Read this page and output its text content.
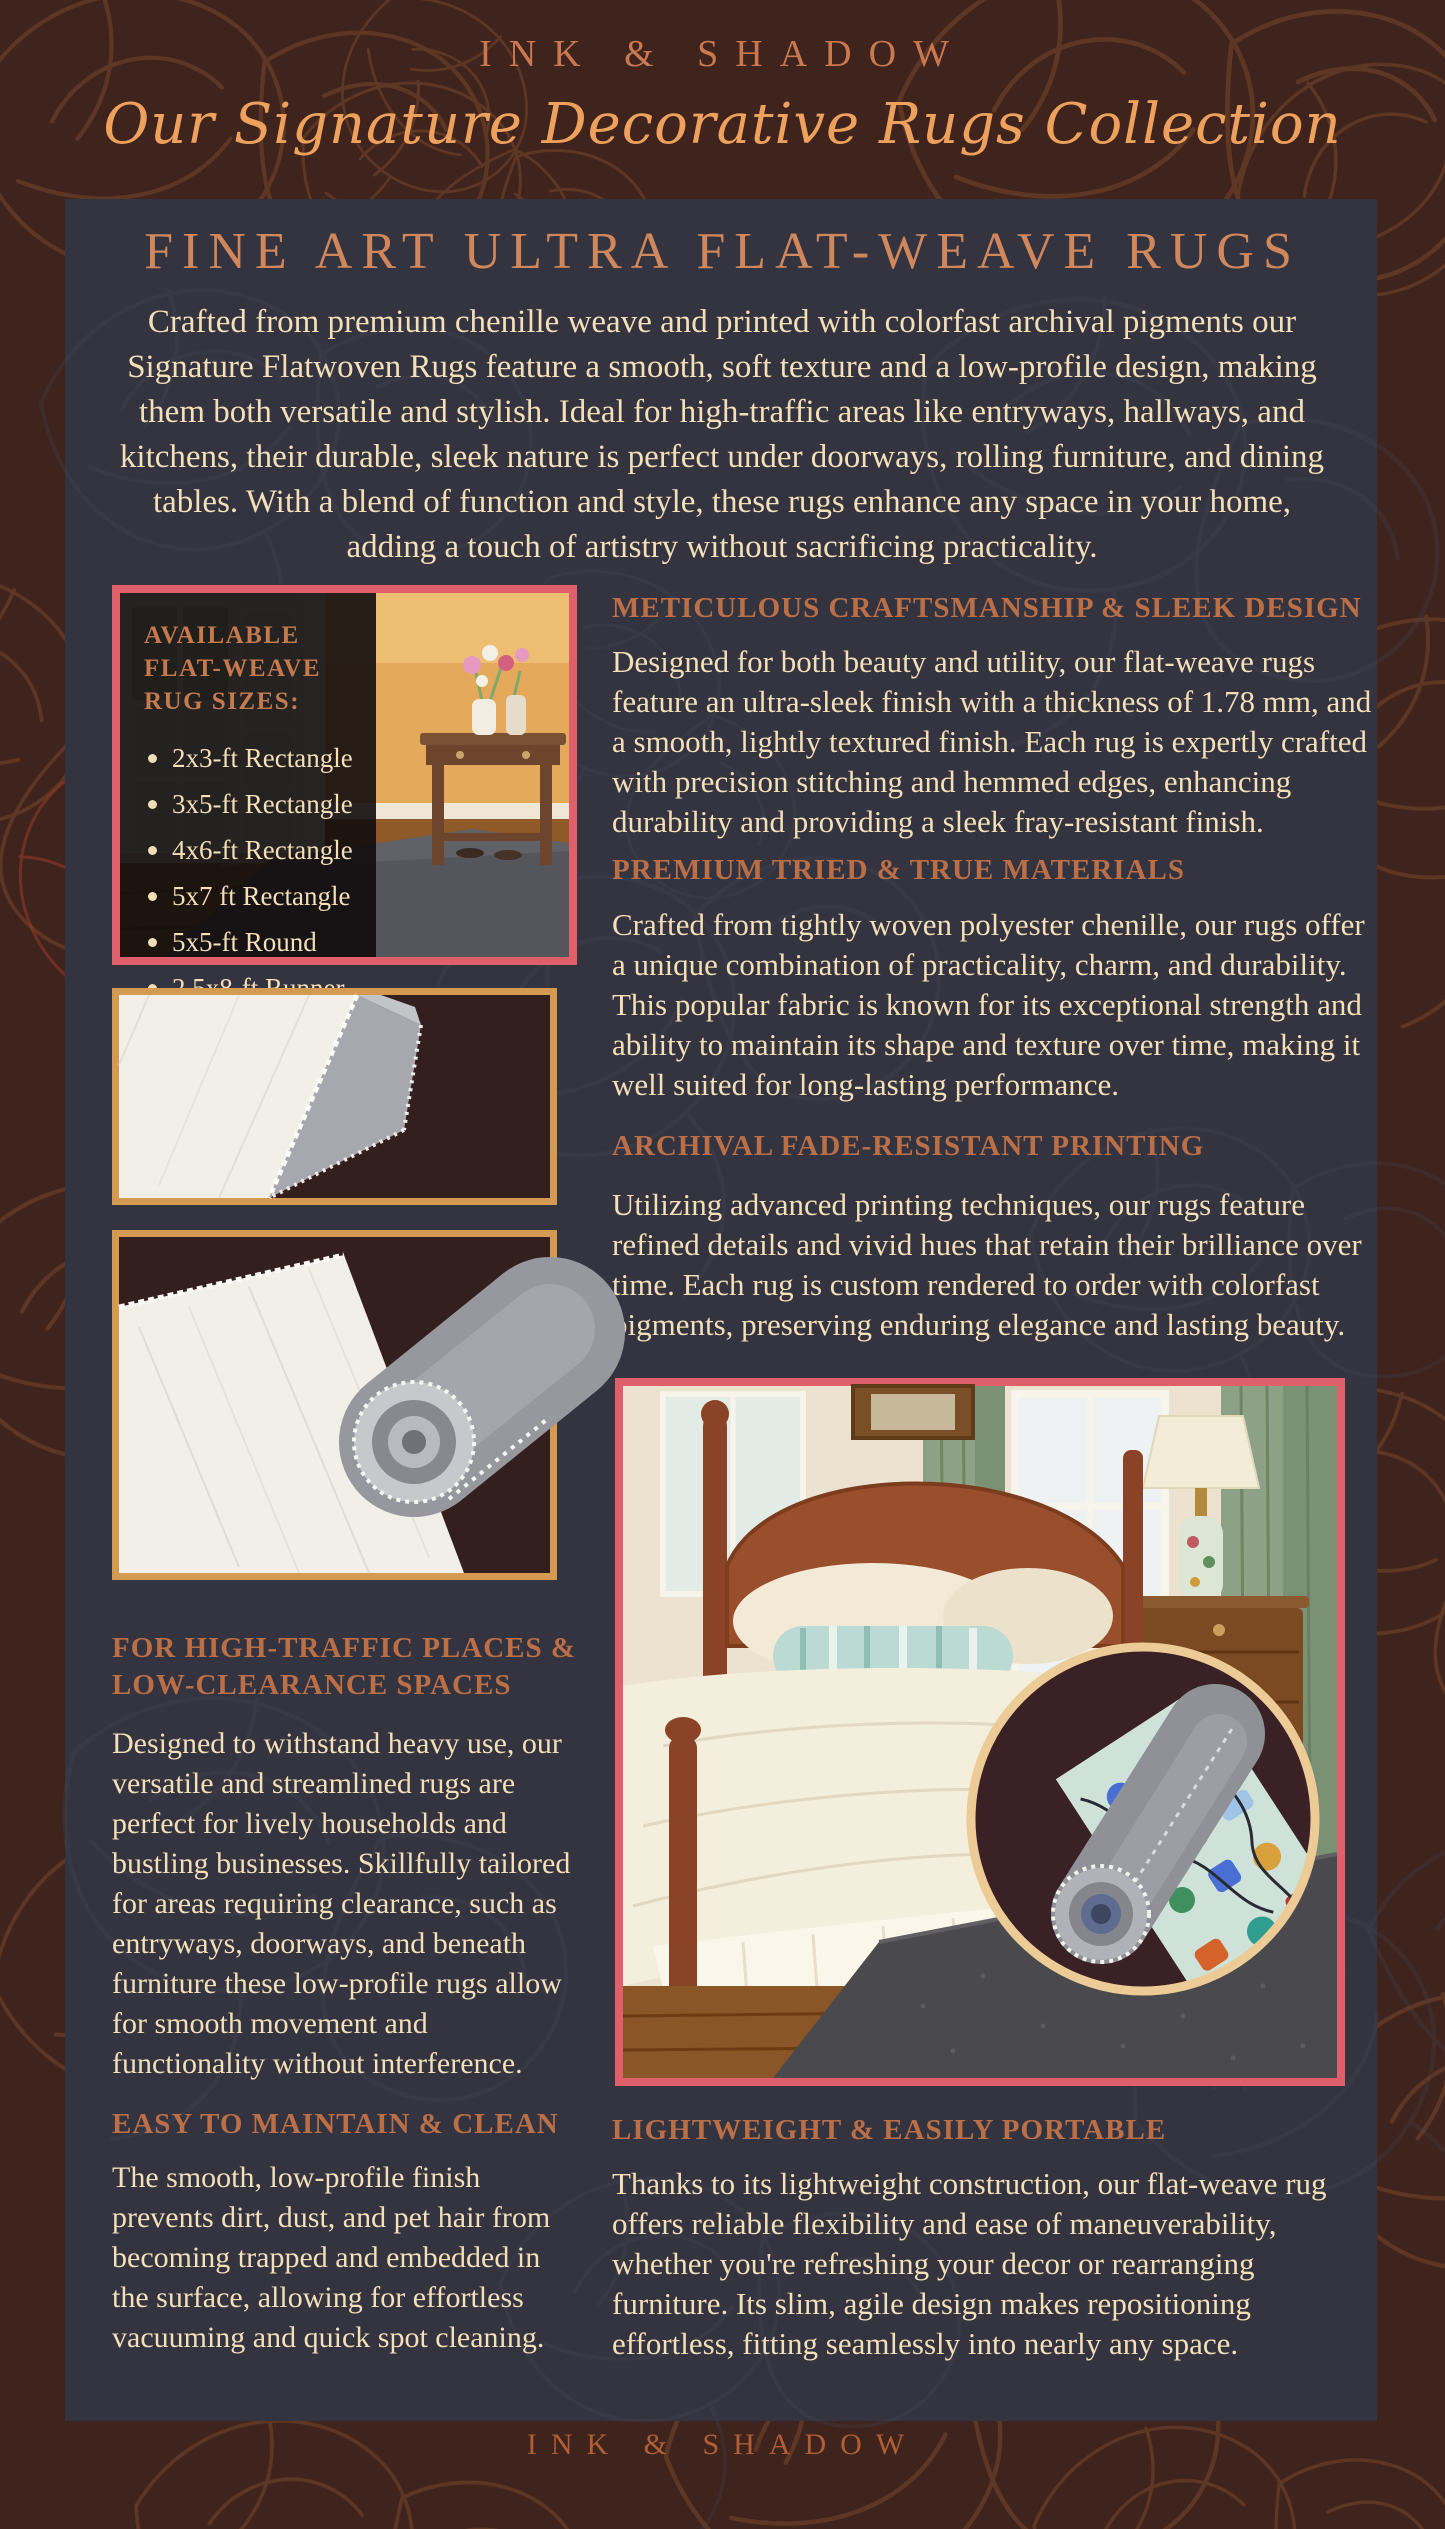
INK & SHADOW
Our Signature Decorative Rugs Collection
FINE ART ULTRA FLAT-WEAVE RUGS

Crafted from premium chenille weave and printed with colorfast archival pigments our Signature Flatwoven Rugs feature a smooth, soft texture and a low-profile design, making them both versatile and stylish. Ideal for high-traffic areas like entryways, hallways, and kitchens, their durable, sleek nature is perfect under doorways, rolling furniture, and dining tables. With a blend of function and style, these rugs enhance any space in your home, adding a touch of artistry without sacrificing practicality.

AVAILABLE FLAT-WEAVE RUG SIZES:
2x3-ft Rectangle
3x5-ft Rectangle
4x6-ft Rectangle
5x7 ft Rectangle
5x5-ft Round
METICULOUS CRAFTSMANSHIP & SLEEK DESIGN

Designed for both beauty and utility, our flat-weave rugs feature an ultra-sleek finish with a thickness of 1.78 mm, and a smooth, lightly textured finish. Each rug is expertly crafted with precision stitching and hemmed edges, enhancing durability and providing a sleek fray-resistant finish.

PREMIUM TRIED & TRUE MATERIALS

Crafted from tightly woven polyester chenille, our rugs offer a unique combination of practicality, charm, and durability. This popular fabric is known for its exceptional strength and ability to maintain its shape and texture over time, making it well suited for long-lasting performance.

ARCHIVAL FADE-RESISTANT PRINTING

Utilizing advanced printing techniques, our rugs feature refined details and vivid hues that retain their brilliance over time. Each rug is custom rendered to order with colorfast pigments, preserving enduring elegance and lasting beauty.

FOR HIGH-TRAFFIC PLACES & LOW-CLEARANCE SPACES

Designed to withstand heavy use, our versatile and streamlined rugs are perfect for lively households and bustling businesses. Skillfully tailored for areas requiring clearance, such as entryways, doorways, and beneath furniture these low-profile rugs allow for smooth movement and functionality without interference.

EASY TO MAINTAIN & CLEAN

The smooth, low-profile finish prevents dirt, dust, and pet hair from becoming trapped and embedded in the surface, allowing for effortless vacuuming and quick spot cleaning.

LIGHTWEIGHT & EASILY PORTABLE

Thanks to its lightweight construction, our flat-weave rug offers reliable flexibility and ease of maneuverability, whether you're refreshing your decor or rearranging furniture. Its slim, agile design makes repositioning effortless, fitting seamlessly into nearly any space.

INK & SHADOW
